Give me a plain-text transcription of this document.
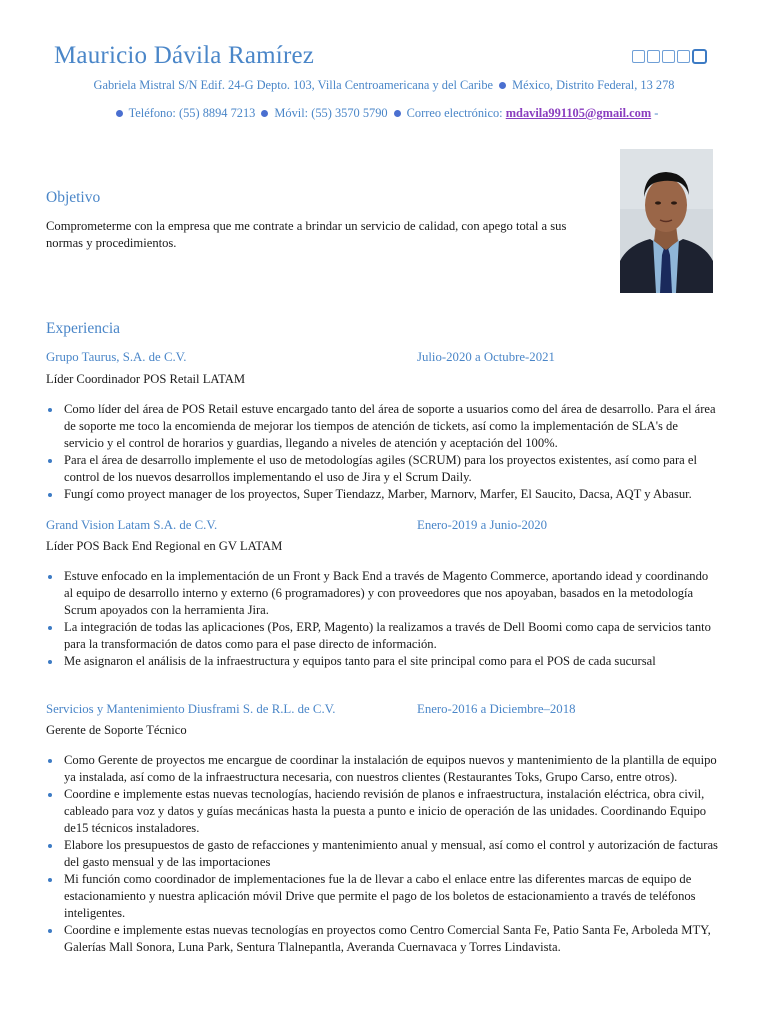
Mauricio Dávila Ramírez
Gabriela Mistral S/N Edif. 24-G Depto. 103, Villa Centroamericana y del Caribe México, Distrito Federal, 13 278
Teléfono: (55) 8894 7213 Móvil: (55) 3570 5790 Correo electrónico: mdavila991105@gmail.com -
Objetivo
Comprometerme con la empresa que me contrate a brindar un servicio de calidad, con apego total a sus normas y procedimientos.
Experiencia
Grupo Taurus, S.A. de C.V.	Julio-2020 a Octubre-2021
Líder Coordinador POS Retail LATAM
Como líder del área de POS Retail estuve encargado tanto del área de soporte a usuarios como del área de desarrollo. Para el área de soporte me toco la encomienda de mejorar los tiempos de atención de tickets, así como la implementación de SLA's de servicio y el control de horarios y guardias, llegando a niveles de atención y aceptación del 100%.
Para el área de desarrollo implemente el uso de metodologías agiles (SCRUM) para los proyectos existentes, así como para el control de los nuevos desarrollos implementando el uso de Jira y el Scrum Daily.
Fungí como proyect manager de los proyectos, Super Tiendazz, Marber, Marnorv, Marfer, El Saucito, Dacsa, AQT y Abasur.
Grand Vision Latam S.A. de C.V.	Enero-2019 a Junio-2020
Líder POS Back End Regional en GV LATAM
Estuve enfocado en la implementación de un Front y Back End a través de Magento Commerce, aportando idead y coordinando al equipo de desarrollo interno y externo (6 programadores) y con proveedores que nos apoyaban, basados en la metodología Scrum apoyados con la herramienta Jira.
La integración de todas las aplicaciones (Pos, ERP, Magento) la realizamos a través de Dell Boomi como capa de servicios tanto para la transformación de datos como para el pase directo de información.
Me asignaron el análisis de la infraestructura y equipos tanto para el site principal como para el POS de cada sucursal
Servicios y Mantenimiento Diusframi S. de R.L. de C.V.	Enero-2016 a Diciembre–2018
Gerente de Soporte Técnico
Como Gerente de proyectos me encargue de coordinar la instalación de equipos nuevos y mantenimiento de la plantilla de equipo ya instalada, así como de la infraestructura necesaria, con nuestros clientes (Restaurantes Toks, Grupo Carso, entre otros).
Coordine e implemente estas nuevas tecnologías, haciendo revisión de planos e infraestructura, instalación eléctrica, obra civil, cableado para voz y datos y guías mecánicas hasta la puesta a punto e inicio de operación de las unidades. Coordinando Equipo de15 técnicos instaladores.
Elabore los presupuestos de gasto de refacciones y mantenimiento anual y mensual, así como el control y autorización de facturas del gasto mensual y de las importaciones
Mi función como coordinador de implementaciones fue la de llevar a cabo el enlace entre las diferentes marcas de equipo de estacionamiento y nuestra aplicación móvil Drive que permite el pago de los boletos de estacionamiento a través de teléfonos inteligentes.
Coordine e implemente estas nuevas tecnologías en proyectos como Centro Comercial Santa Fe, Patio Santa Fe, Arboleda MTY, Galerías Mall Sonora, Luna Park, Sentura Tlalnepantla, Averanda Cuernavaca y Torres Lindavista.
